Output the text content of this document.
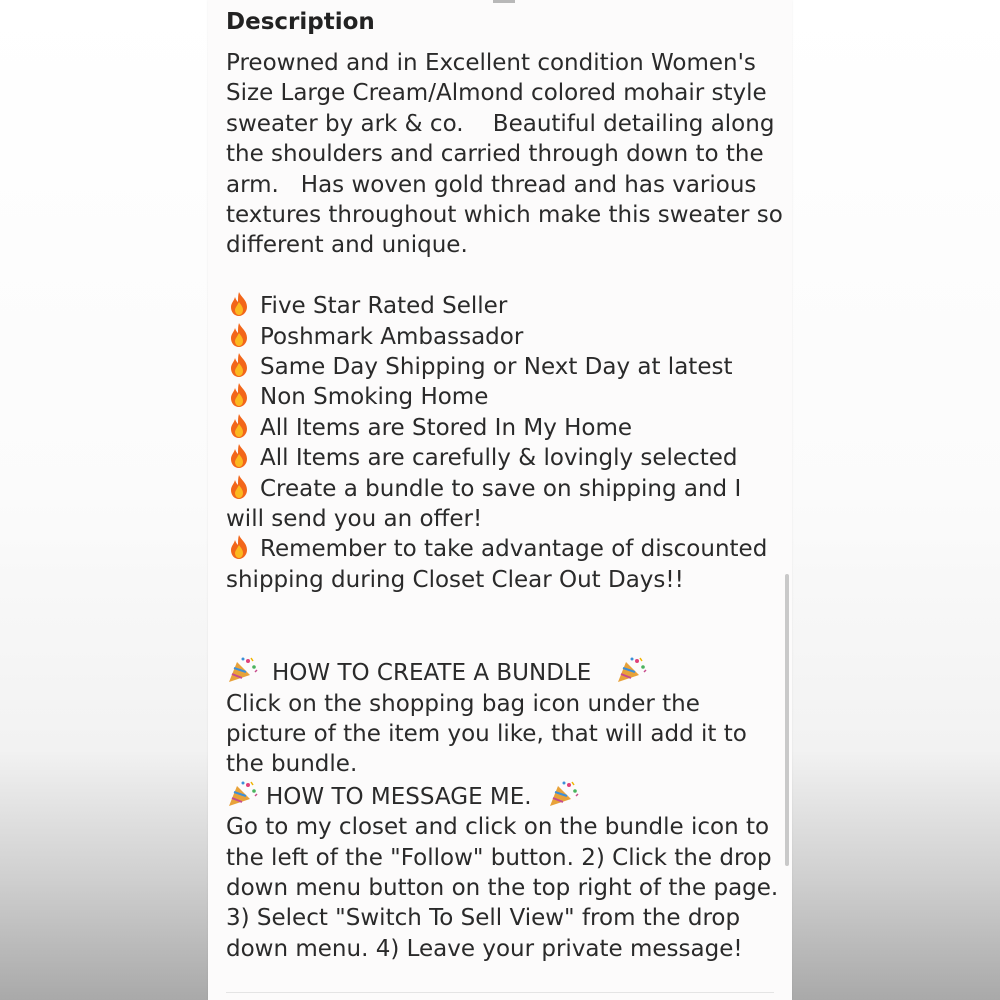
Description

Preowned and in Excellent condition Women's
Size Large Cream/Almond colored mohair style
sweater by ark & co.    Beautiful detailing along
the shoulders and carried through down to the
arm.   Has woven gold thread and has various
textures throughout which make this sweater so
different and unique.

Five Star Rated Seller
Poshmark Ambassador
Same Day Shipping or Next Day at latest
Non Smoking Home
All Items are Stored In My Home
All Items are carefully & lovingly selected
Create a bundle to save on shipping and I
will send you an offer!
Remember to take advantage of discounted
shipping during Closet Clear Out Days!!
HOW TO CREATE A BUNDLE
Click on the shopping bag icon under the
picture of the item you like, that will add it to
the bundle.
HOW TO MESSAGE ME.
Go to my closet and click on the bundle icon to
the left of the "Follow" button. 2) Click the drop
down menu button on the top right of the page.
3) Select "Switch To Sell View" from the drop
down menu. 4) Leave your private message!
